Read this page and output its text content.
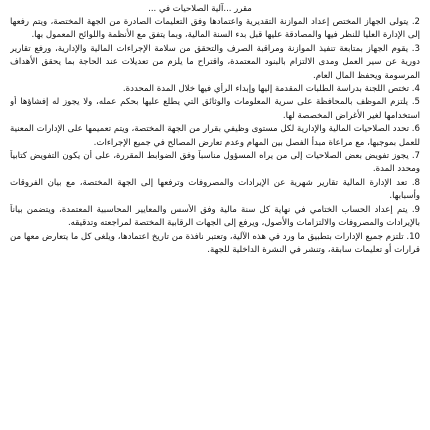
مقرر ...آلية الصلاحيات في ...
2. يتولى الجهاز المختص إعداد الموازنة التقديرية واعتمادها وفق التعليمات الصادرة من الجهة المختصة، ويتم رفعها إلى الإدارة العليا للنظر فيها والمصادقة عليها قبل بدء السنة المالية، وبما يتفق مع الأنظمة واللوائح المعمول بها.
3. يقوم الجهاز بمتابعة تنفيذ الموازنة ومراقبة الصرف والتحقق من سلامة الإجراءات المالية والإدارية، ورفع تقارير دورية عن سير العمل ومدى الالتزام بالبنود المعتمدة، واقتراح ما يلزم من تعديلات عند الحاجة بما يحقق الأهداف المرسومة ويحفظ المال العام.
4. تختص اللجنة بدراسة الطلبات المقدمة إليها وإبداء الرأي فيها خلال المدة المحددة.
5. يلتزم الموظف بالمحافظة على سرية المعلومات والوثائق التي يطلع عليها بحكم عمله، ولا يجوز له إفشاؤها أو استخدامها لغير الأغراض المخصصة لها.
6. تحدد الصلاحيات المالية والإدارية لكل مستوى وظيفي بقرار من الجهة المختصة، ويتم تعميمها على الإدارات المعنية للعمل بموجبها، مع مراعاة مبدأ الفصل بين المهام وعدم تعارض المصالح في جميع الإجراءات.
7. يجوز تفويض بعض الصلاحيات إلى من يراه المسؤول مناسباً وفق الضوابط المقررة، على أن يكون التفويض كتابياً ومحدد المدة.
8. تعد الإدارة المالية تقارير شهرية عن الإيرادات والمصروفات وترفعها إلى الجهة المختصة، مع بيان الفروقات وأسبابها.
9. يتم إعداد الحساب الختامي في نهاية كل سنة مالية وفق الأسس والمعايير المحاسبية المعتمدة، ويتضمن بياناً بالإيرادات والمصروفات والالتزامات والأصول، ويرفع إلى الجهات الرقابية المختصة لمراجعته وتدقيقه.
10. تلتزم جميع الإدارات بتطبيق ما ورد في هذه الآلية، وتعتبر نافذة من تاريخ اعتمادها، ويلغى كل ما يتعارض معها من قرارات أو تعليمات سابقة، وتنشر في النشرة الداخلية للجهة.
